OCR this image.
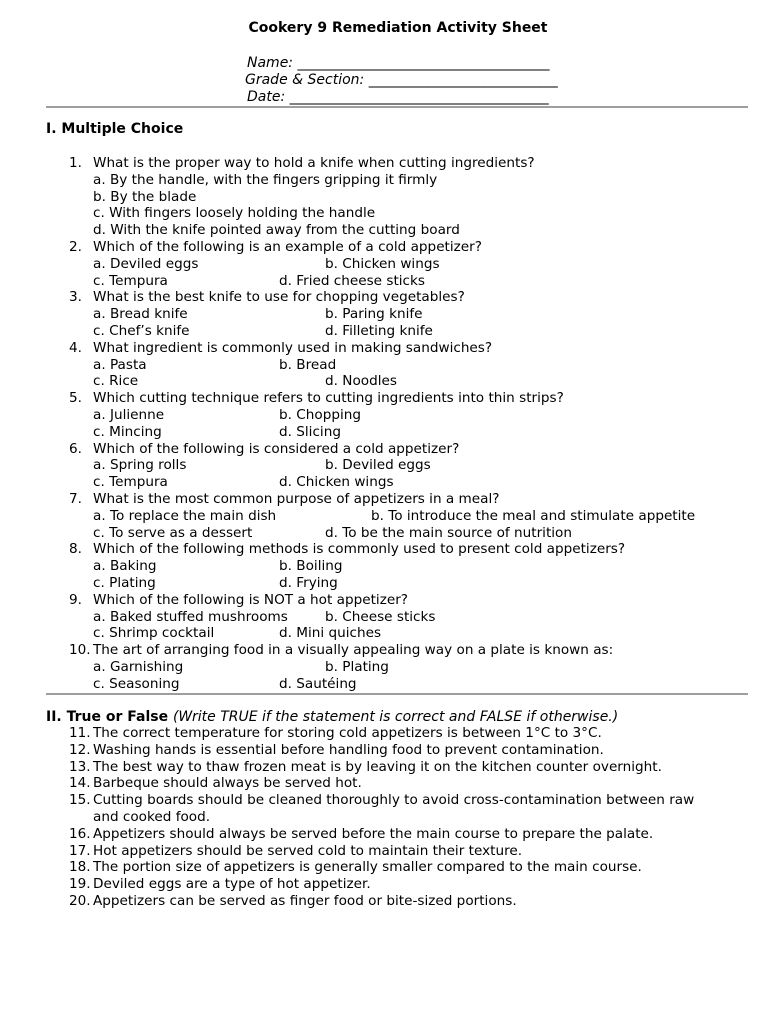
Cookery 9 Remediation Activity Sheet
Name: ____________________________________
Grade & Section: ___________________________
Date: _____________________________________
I. Multiple Choice
1. What is the proper way to hold a knife when cutting ingredients?
a. By the handle, with the fingers gripping it firmly
b. By the blade
c. With fingers loosely holding the handle
d. With the knife pointed away from the cutting board
2. Which of the following is an example of a cold appetizer?
a. Deviled eggs	b. Chicken wings
c. Tempura	d. Fried cheese sticks
3. What is the best knife to use for chopping vegetables?
a. Bread knife	b. Paring knife
c. Chef’s knife	d. Filleting knife
4. What ingredient is commonly used in making sandwiches?
a. Pasta	b. Bread
c. Rice	d. Noodles
5. Which cutting technique refers to cutting ingredients into thin strips?
a. Julienne	b. Chopping
c. Mincing	d. Slicing
6. Which of the following is considered a cold appetizer?
a. Spring rolls	b. Deviled eggs
c. Tempura	d. Chicken wings
7. What is the most common purpose of appetizers in a meal?
a. To replace the main dish	b. To introduce the meal and stimulate appetite
c. To serve as a dessert	d. To be the main source of nutrition
8. Which of the following methods is commonly used to present cold appetizers?
a. Baking	b. Boiling
c. Plating	d. Frying
9. Which of the following is NOT a hot appetizer?
a. Baked stuffed mushrooms	b. Cheese sticks
c. Shrimp cocktail	d. Mini quiches
10. The art of arranging food in a visually appealing way on a plate is known as:
a. Garnishing	b. Plating
c. Seasoning	d. Sautéing
II. True or False (Write TRUE if the statement is correct and FALSE if otherwise.)
11. The correct temperature for storing cold appetizers is between 1°C to 3°C.
12. Washing hands is essential before handling food to prevent contamination.
13. The best way to thaw frozen meat is by leaving it on the kitchen counter overnight.
14. Barbeque should always be served hot.
15. Cutting boards should be cleaned thoroughly to avoid cross-contamination between raw
and cooked food.
16. Appetizers should always be served before the main course to prepare the palate.
17. Hot appetizers should be served cold to maintain their texture.
18. The portion size of appetizers is generally smaller compared to the main course.
19. Deviled eggs are a type of hot appetizer.
20. Appetizers can be served as finger food or bite-sized portions.
